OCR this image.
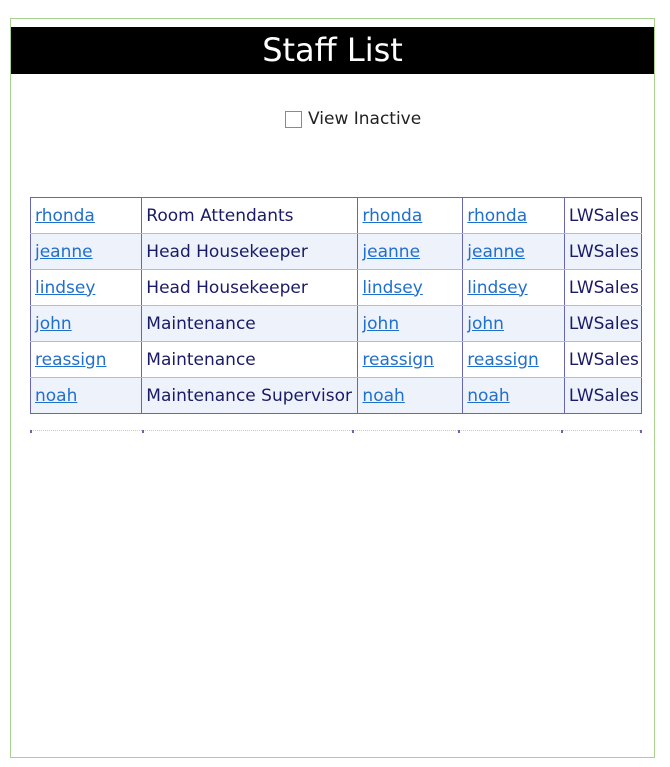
Staff List
View Inactive
rhonda	Room Attendants	rhonda	rhonda	LWSales
jeanne	Head Housekeeper	jeanne	jeanne	LWSales
lindsey	Head Housekeeper	lindsey	lindsey	LWSales
john	Maintenance	john	john	LWSales
reassign	Maintenance	reassign	reassign	LWSales
noah	Maintenance Supervisor	noah	noah	LWSales
